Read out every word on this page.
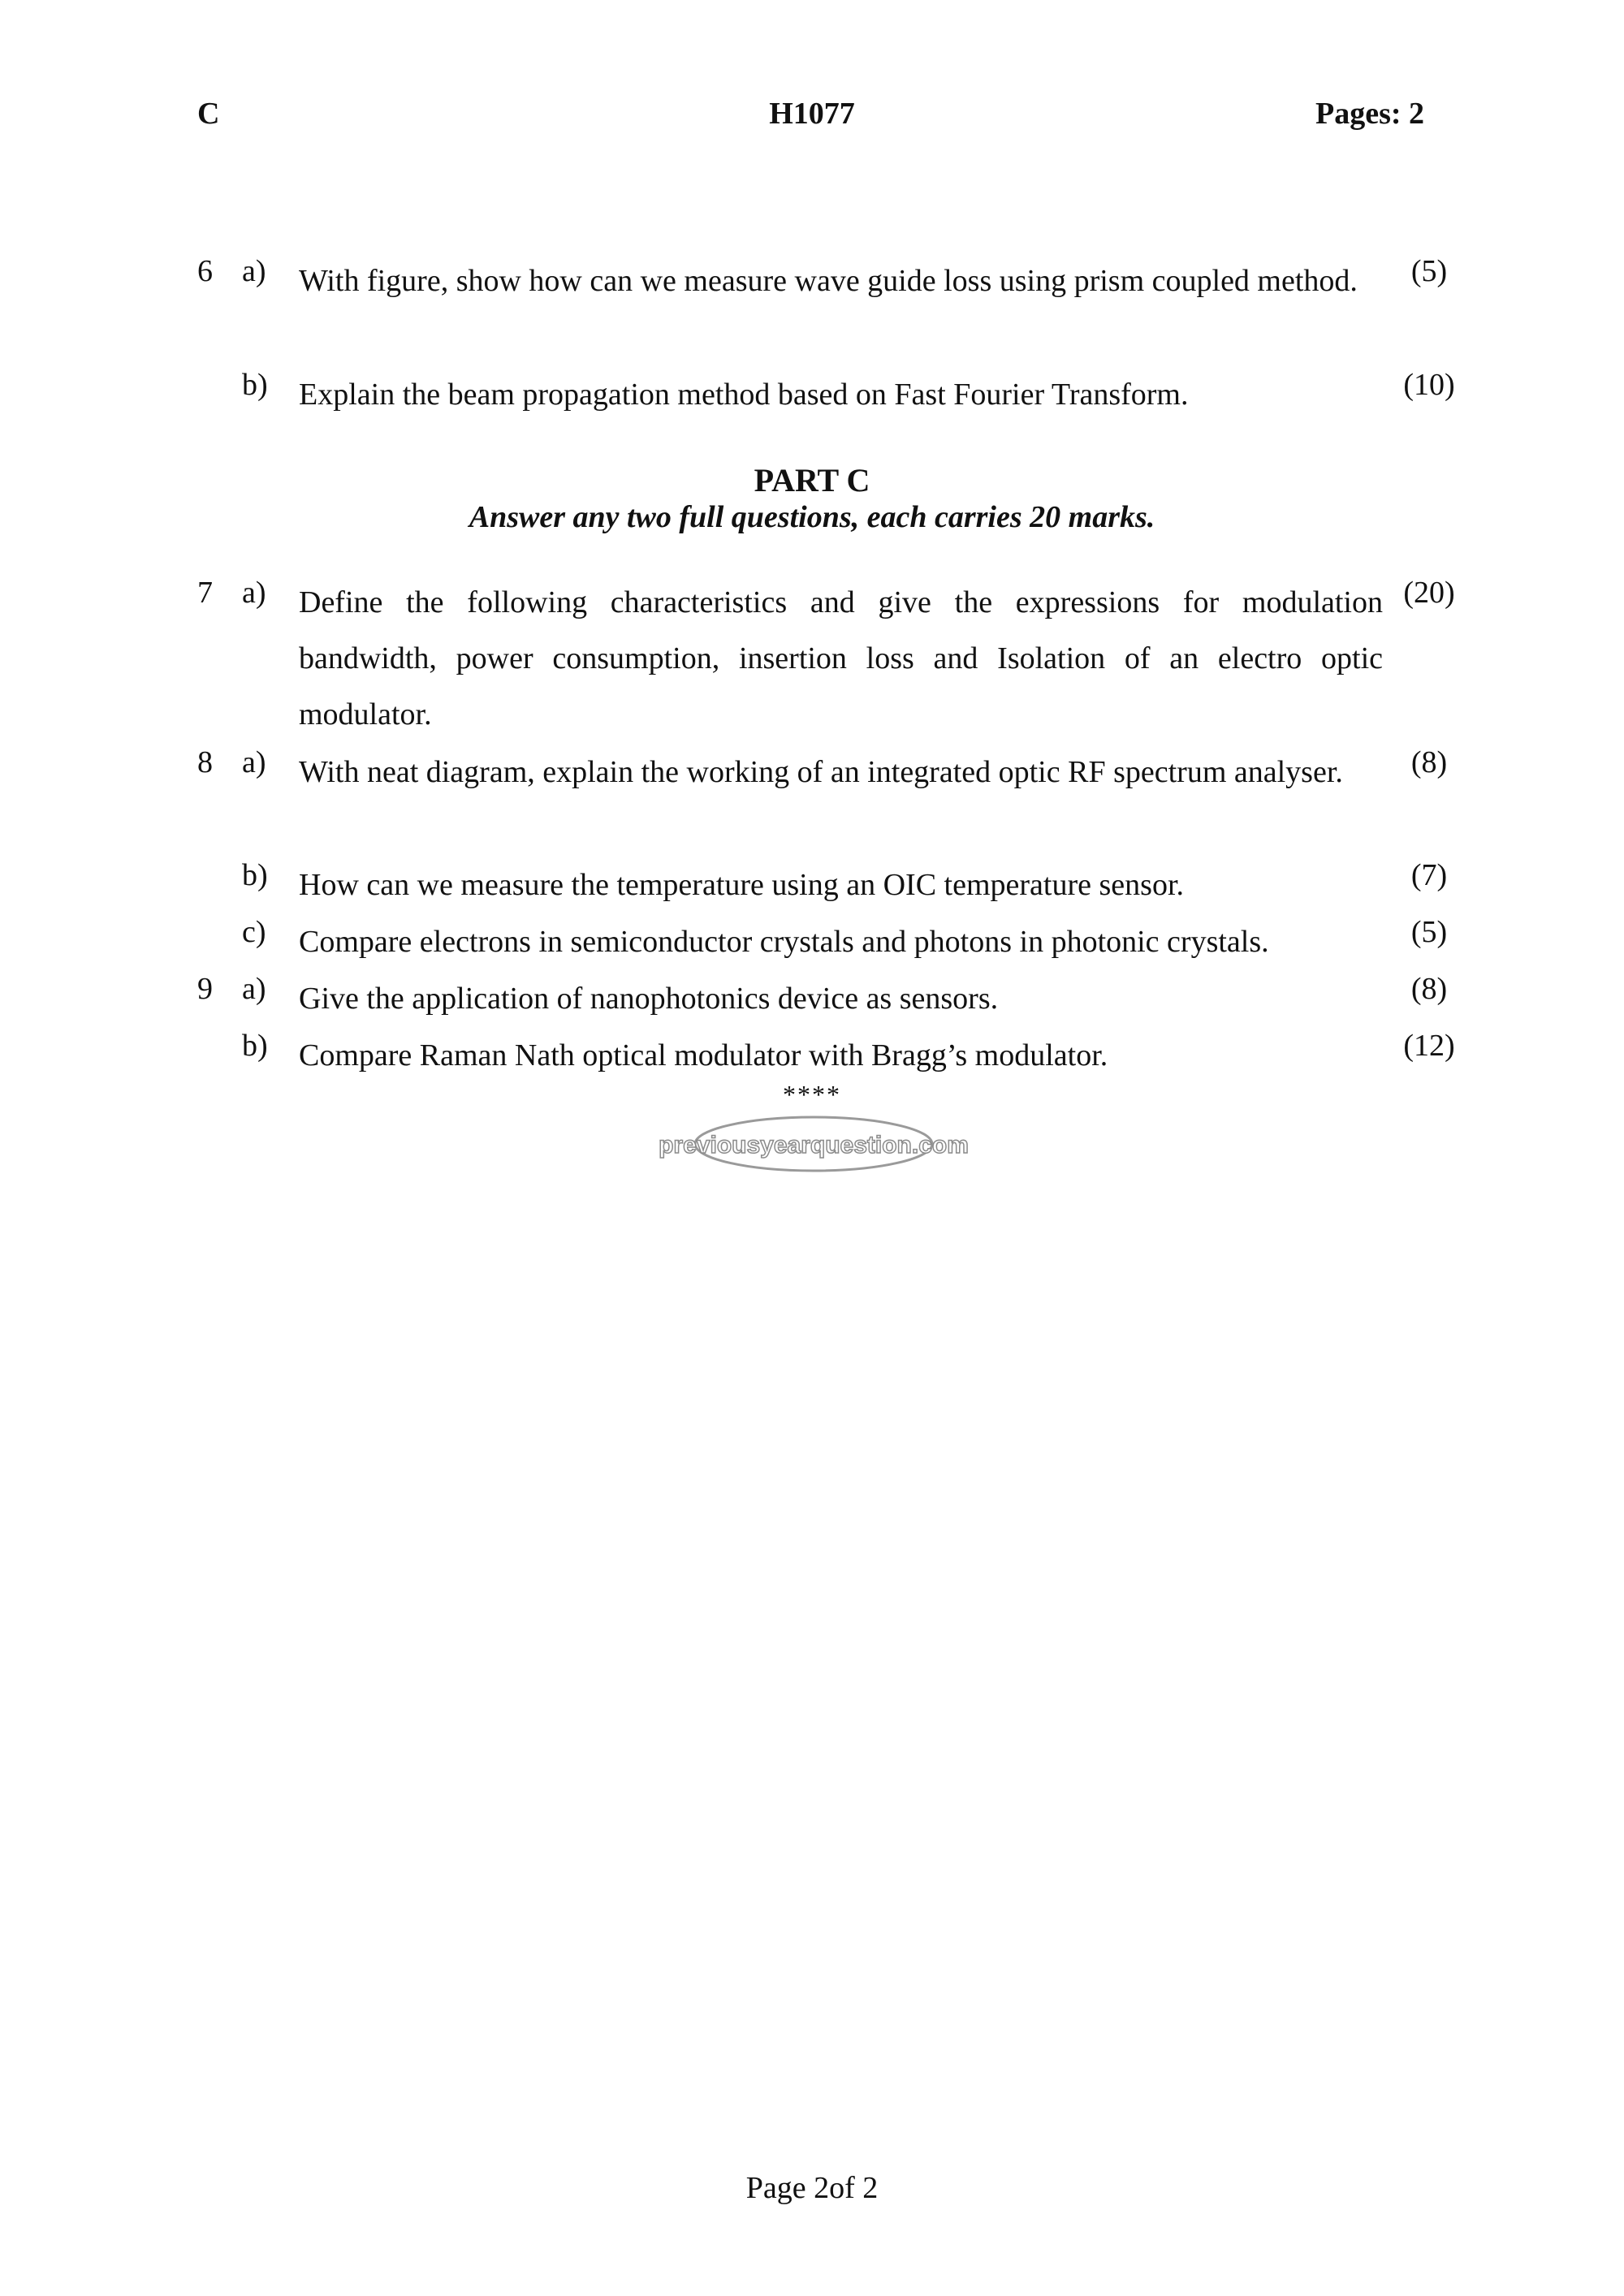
C	H1077	Pages: 2
6 a) With figure, show how can we measure wave guide loss using prism coupled method.	(5)
b) Explain the beam propagation method based on Fast Fourier Transform.	(10)
PART C
Answer any two full questions, each carries 20 marks.
7 a) Define the following characteristics and give the expressions for modulation bandwidth, power consumption, insertion loss and Isolation of an electro optic modulator.
(20)
8 a) With neat diagram, explain the working of an integrated optic RF spectrum analyser.	(8)
b) How can we measure the temperature using an OIC temperature sensor.	(7)
c) Compare electrons in semiconductor crystals and photons in photonic crystals.	(5)
9 a) Give the application of nanophotonics device as sensors.	(8)
b) Compare Raman Nath optical modulator with Bragg’s modulator.	(12)
****
previousyearquestion.com
Page 2of 2
